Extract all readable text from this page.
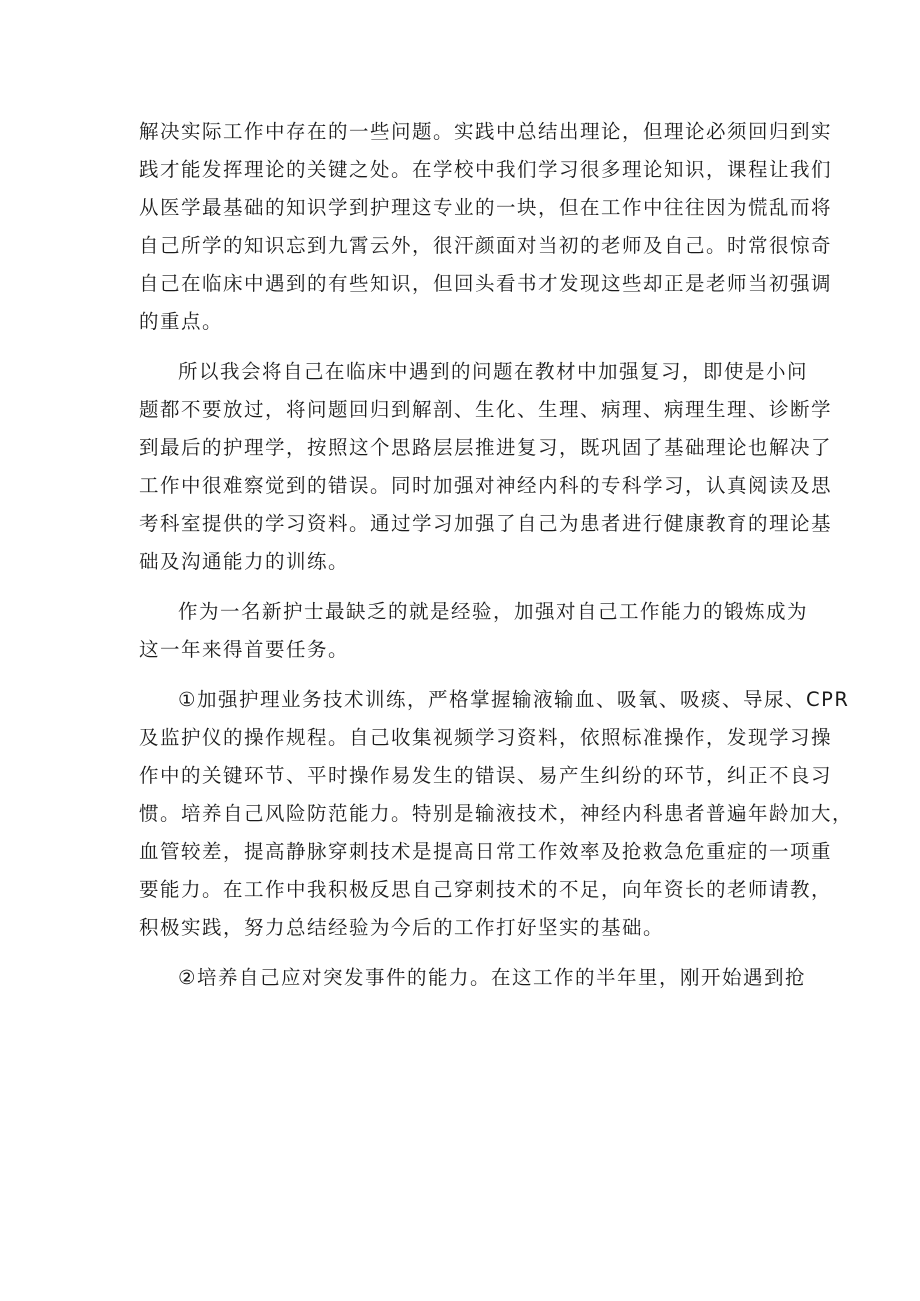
解决实际工作中存在的一些问题。实践中总结出理论，但理论必须回归到实
践才能发挥理论的关键之处。在学校中我们学习很多理论知识，课程让我们
从医学最基础的知识学到护理这专业的一块，但在工作中往往因为慌乱而将
自己所学的知识忘到九霄云外，很汗颜面对当初的老师及自己。时常很惊奇
自己在临床中遇到的有些知识，但回头看书才发现这些却正是老师当初强调
的重点。
所以我会将自己在临床中遇到的问题在教材中加强复习，即使是小问
题都不要放过，将问题回归到解剖、生化、生理、病理、病理生理、诊断学
到最后的护理学，按照这个思路层层推进复习，既巩固了基础理论也解决了
工作中很难察觉到的错误。同时加强对神经内科的专科学习，认真阅读及思
考科室提供的学习资料。通过学习加强了自己为患者进行健康教育的理论基
础及沟通能力的训练。
作为一名新护士最缺乏的就是经验，加强对自己工作能力的锻炼成为
这一年来得首要任务。
①加强护理业务技术训练，严格掌握输液输血、吸氧、吸痰、导尿、CPR
及监护仪的操作规程。自己收集视频学习资料，依照标准操作，发现学习操
作中的关键环节、平时操作易发生的错误、易产生纠纷的环节，纠正不良习
惯。培养自己风险防范能力。特别是输液技术，神经内科患者普遍年龄加大，
血管较差，提高静脉穿刺技术是提高日常工作效率及抢救急危重症的一项重
要能力。在工作中我积极反思自己穿刺技术的不足，向年资长的老师请教，
积极实践，努力总结经验为今后的工作打好坚实的基础。
②培养自己应对突发事件的能力。在这工作的半年里，刚开始遇到抢
